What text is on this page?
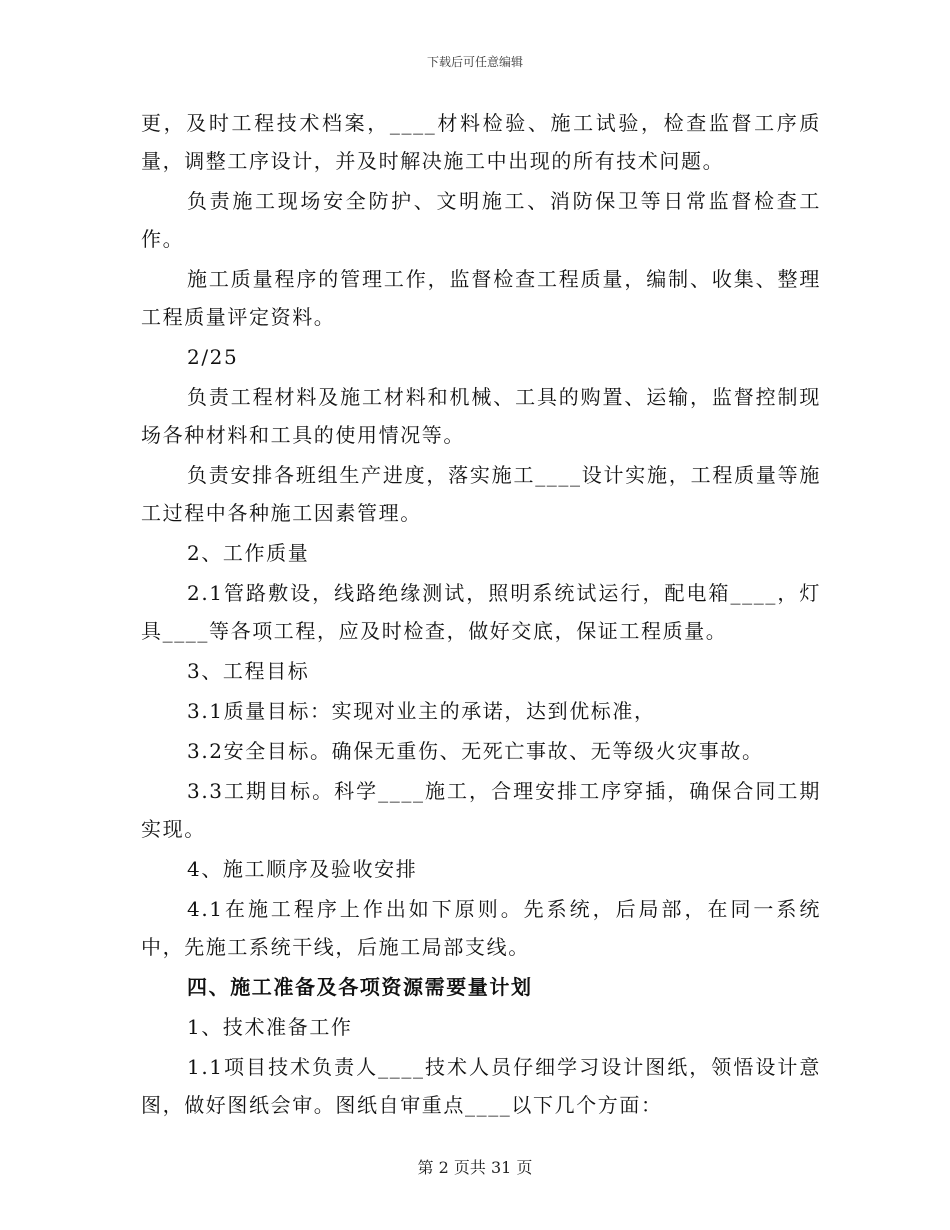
下载后可任意编辑

更，及时工程技术档案，____材料检验、施工试验，检查监督工序质量，调整工序设计，并及时解决施工中出现的所有技术问题。

负责施工现场安全防护、文明施工、消防保卫等日常监督检查工作。

施工质量程序的管理工作，监督检查工程质量，编制、收集、整理工程质量评定资料。

2/25

负责工程材料及施工材料和机械、工具的购置、运输，监督控制现场各种材料和工具的使用情况等。

负责安排各班组生产进度，落实施工____设计实施，工程质量等施工过程中各种施工因素管理。

2、工作质量

2.1管路敷设，线路绝缘测试，照明系统试运行，配电箱____，灯具____等各项工程，应及时检查，做好交底，保证工程质量。

3、工程目标

3.1质量目标：实现对业主的承诺，达到优标准，

3.2安全目标。确保无重伤、无死亡事故、无等级火灾事故。

3.3工期目标。科学____施工，合理安排工序穿插，确保合同工期实现。

4、施工顺序及验收安排

4.1在施工程序上作出如下原则。先系统，后局部，在同一系统中，先施工系统干线，后施工局部支线。

四、施工准备及各项资源需要量计划

1、技术准备工作

1.1项目技术负责人____技术人员仔细学习设计图纸，领悟设计意图，做好图纸会审。图纸自审重点____以下几个方面：

第 2 页共 31 页
